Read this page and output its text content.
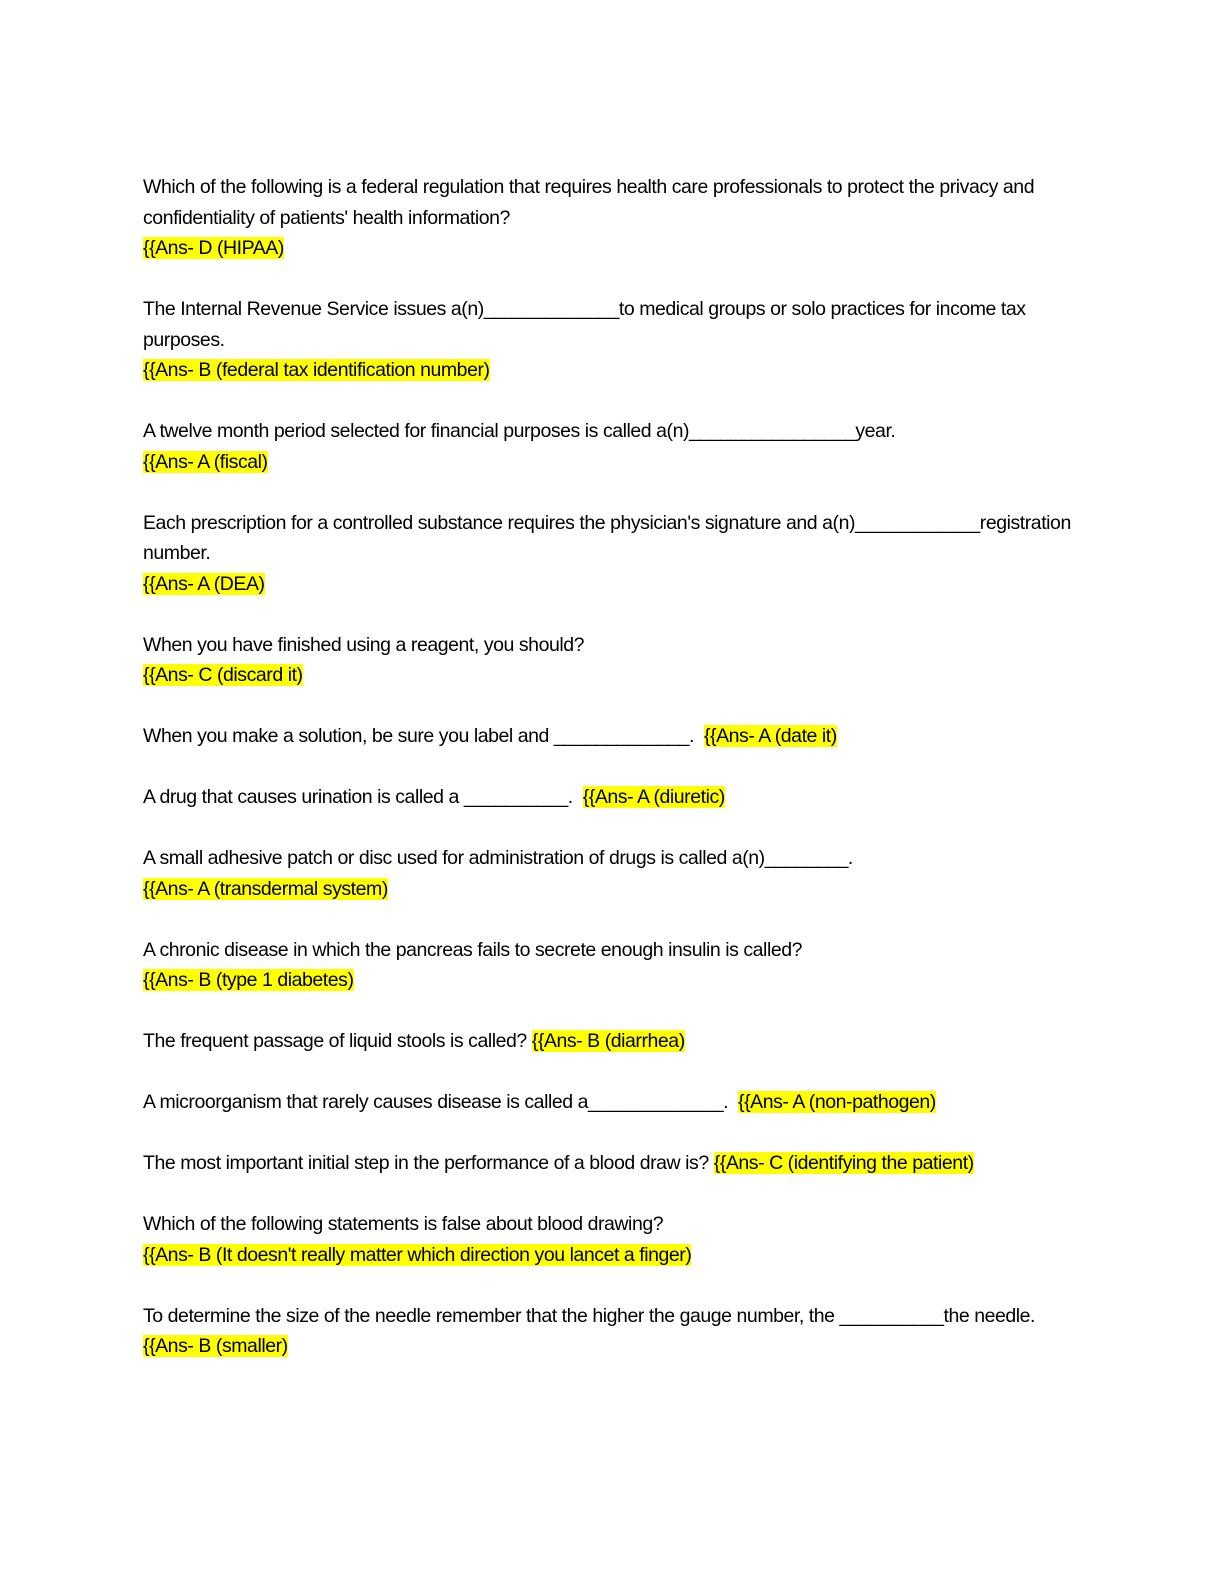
Which of the following is a federal regulation that requires health care professionals to protect the privacy and confidentiality of patients' health information?

{{Ans- D (HIPAA)

The Internal Revenue Service issues a(n)_____________to medical groups or solo practices for income tax purposes.

{{Ans- B (federal tax identification number)

A twelve month period selected for financial purposes is called a(n)________________year.

{{Ans- A (fiscal)

Each prescription for a controlled substance requires the physician's signature and a(n)____________registration number.

{{Ans- A (DEA)

When you have finished using a reagent, you should?

{{Ans- C (discard it)

When you make a solution, be sure you label and _____________. {{Ans- A (date it)

A drug that causes urination is called a __________. {{Ans- A (diuretic)

A small adhesive patch or disc used for administration of drugs is called a(n)________.

{{Ans- A (transdermal system)

A chronic disease in which the pancreas fails to secrete enough insulin is called?

{{Ans- B (type 1 diabetes)

The frequent passage of liquid stools is called? {{Ans- B (diarrhea)

A microorganism that rarely causes disease is called a_____________. {{Ans- A (non-pathogen)

The most important initial step in the performance of a blood draw is? {{Ans- C (identifying the patient)

Which of the following statements is false about blood drawing?

{{Ans- B (It doesn't really matter which direction you lancet a finger)

To determine the size of the needle remember that the higher the gauge number, the __________the needle.

{{Ans- B (smaller)
